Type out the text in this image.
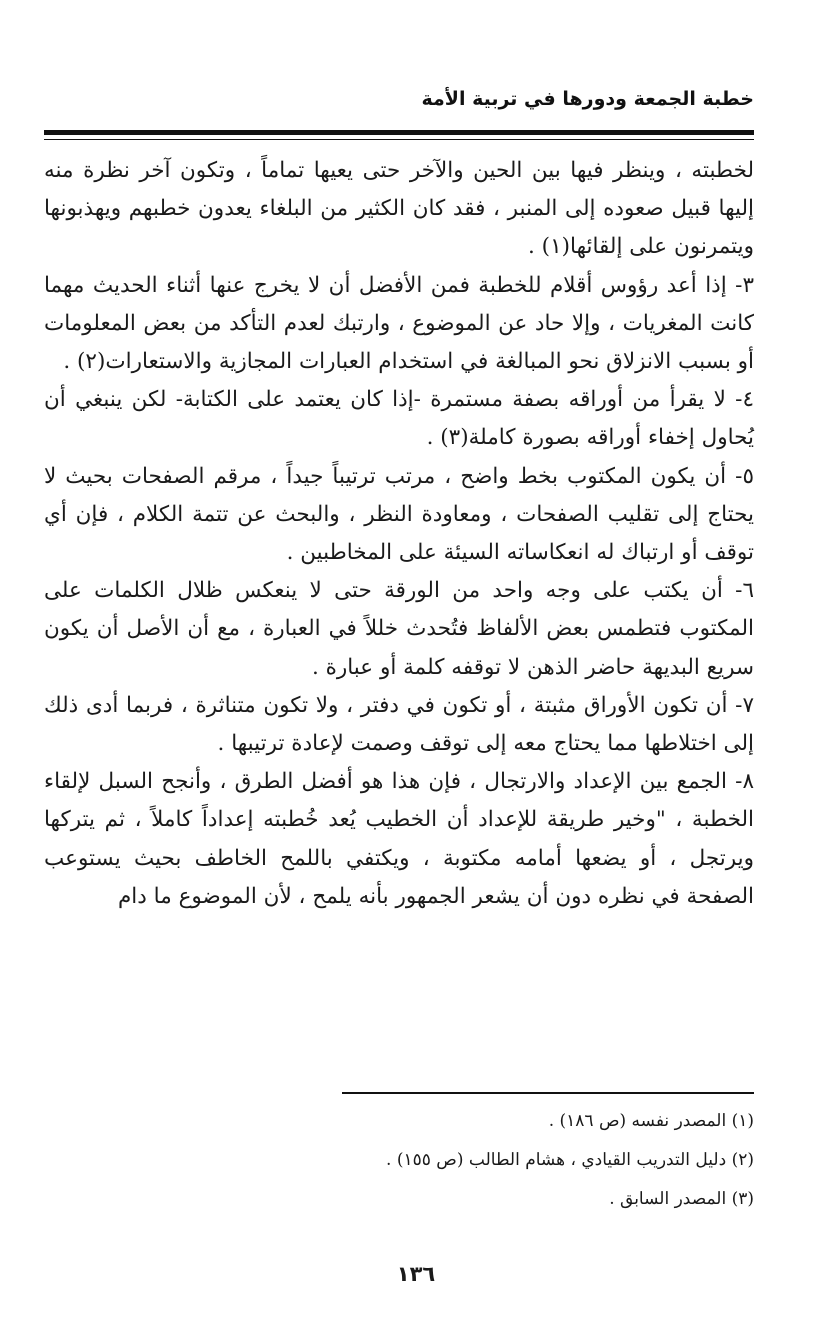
خطبة الجمعة ودورها في تربية الأمة

لخطبته ، وينظر فيها بين الحين والآخر حتى يعيها تماماً ، وتكون آخر نظرة منه إليها قبيل صعوده إلى المنبر ، فقد كان الكثير من البلغاء يعدون خطبهم ويهذبونها ويتمرنون على إلقائها(١) .

٣- إذا أعد رؤوس أقلام للخطبة فمن الأفضل أن لا يخرج عنها أثناء الحديث مهما كانت المغريات ، وإلا حاد عن الموضوع ، وارتبك لعدم التأكد من بعض المعلومات أو بسبب الانزلاق نحو المبالغة في استخدام العبارات المجازية والاستعارات(٢) .

٤- لا يقرأ من أوراقه بصفة مستمرة -إذا كان يعتمد على الكتابة- لكن ينبغي أن يُحاول إخفاء أوراقه بصورة كاملة(٣) .

٥- أن يكون المكتوب بخط واضح ، مرتب ترتيباً جيداً ، مرقم الصفحات بحيث لا يحتاج إلى تقليب الصفحات ، ومعاودة النظر ، والبحث عن تتمة الكلام ، فإن أي توقف أو ارتباك له انعكاساته السيئة على المخاطبين .

٦- أن يكتب على وجه واحد من الورقة حتى لا ينعكس ظلال الكلمات على المكتوب فتطمس بعض الألفاظ فتُحدث خللاً في العبارة ، مع أن الأصل أن يكون سريع البديهة حاضر الذهن لا توقفه كلمة أو عبارة .

٧- أن تكون الأوراق مثبتة ، أو تكون في دفتر ، ولا تكون متناثرة ، فربما أدى ذلك إلى اختلاطها مما يحتاج معه إلى توقف وصمت لإعادة ترتيبها .

٨- الجمع بين الإعداد والارتجال ، فإن هذا هو أفضل الطرق ، وأنجح السبل لإلقاء الخطبة ، "وخير طريقة للإعداد أن الخطيب يُعد خُطبته إعداداً كاملاً ، ثم يتركها ويرتجل ، أو يضعها أمامه مكتوبة ، ويكتفي باللمح الخاطف بحيث يستوعب الصفحة في نظره دون أن يشعر الجمهور بأنه يلمح ، لأن الموضوع ما دام

(١) المصدر نفسه (ص ١٨٦) .

(٢) دليل التدريب القيادي ، هشام الطالب (ص ١٥٥) .

(٣) المصدر السابق .

١٣٦
